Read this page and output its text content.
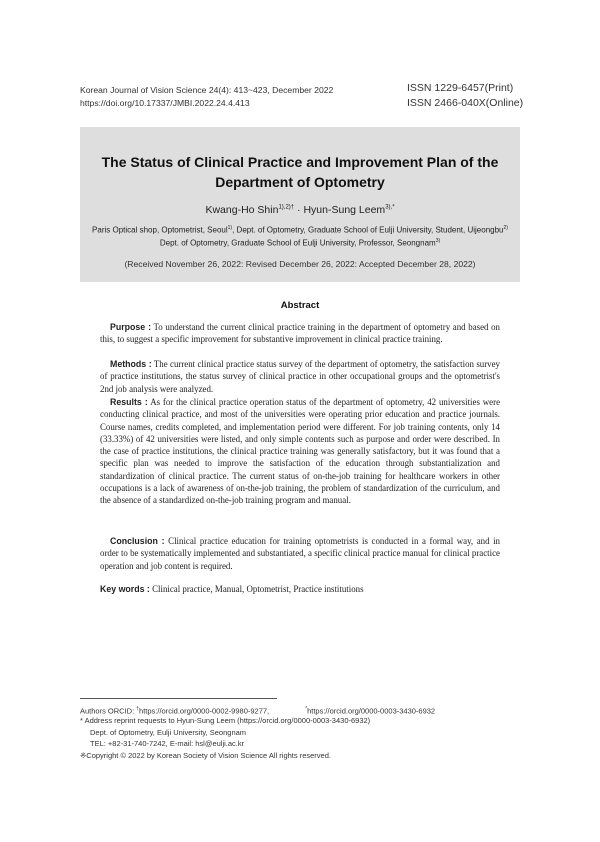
Korean Journal of Vision Science 24(4): 413~423, December 2022
https://doi.org/10.17337/JMBI.2022.24.4.413
ISSN 1229-6457(Print)
ISSN 2466-040X(Online)
The Status of Clinical Practice and Improvement Plan of the
Department of Optometry
Kwang-Ho Shin$^{1),2)\dagger}$ · Hyun-Sung Leem$^{3),*}$
Paris Optical shop, Optometrist, Seoul$^{1)}$, Dept. of Optometry, Graduate School of Eulji University, Student, Uijeongbu$^{2)}$
Dept. of Optometry, Graduate School of Eulji University, Professor, Seongnam$^{3)}$
(Received November 26, 2022: Revised December 26, 2022: Accepted December 28, 2022)
Abstract
Purpose : To understand the current clinical practice training in the department of optometry and based on this, to suggest a specific improvement for substantive improvement in clinical practice training.
Methods : The current clinical practice status survey of the department of optometry, the satisfaction survey of practice institutions, the status survey of clinical practice in other occupational groups and the optometrist's 2nd job analysis were analyzed.
Results : As for the clinical practice operation status of the department of optometry, 42 universities were conducting clinical practice, and most of the universities were operating prior education and practice journals. Course names, credits completed, and implementation period were different. For job training contents, only 14 (33.33%) of 42 universities were listed, and only simple contents such as purpose and order were described. In the case of practice institutions, the clinical practice training was generally satisfactory, but it was found that a specific plan was needed to improve the satisfaction of the education through substantialization and standardization of clinical practice. The current status of on-the-job training for healthcare workers in other occupations is a lack of awareness of on-the-job training, the problem of standardization of the curriculum, and the absence of a standardized on-the-job training program and manual.
Conclusion : Clinical practice education for training optometrists is conducted in a formal way, and in order to be systematically implemented and substantiated, a specific clinical practice manual for clinical practice operation and job content is required.
Key words : Clinical practice, Manual, Optometrist, Practice institutions
Authors ORCID: †https://orcid.org/0000-0002-9980-9277,	*https://orcid.org/0000-0003-3430-6932
* Address reprint requests to Hyun-Sung Leem (https://orcid.org/0000-0003-3430-6932)
Dept. of Optometry, Eulji University, Seongnam
TEL: +82-31-740-7242, E-mail: hsl@eulji.ac.kr
※Copyright © 2022 by Korean Society of Vision Science All rights reserved.
